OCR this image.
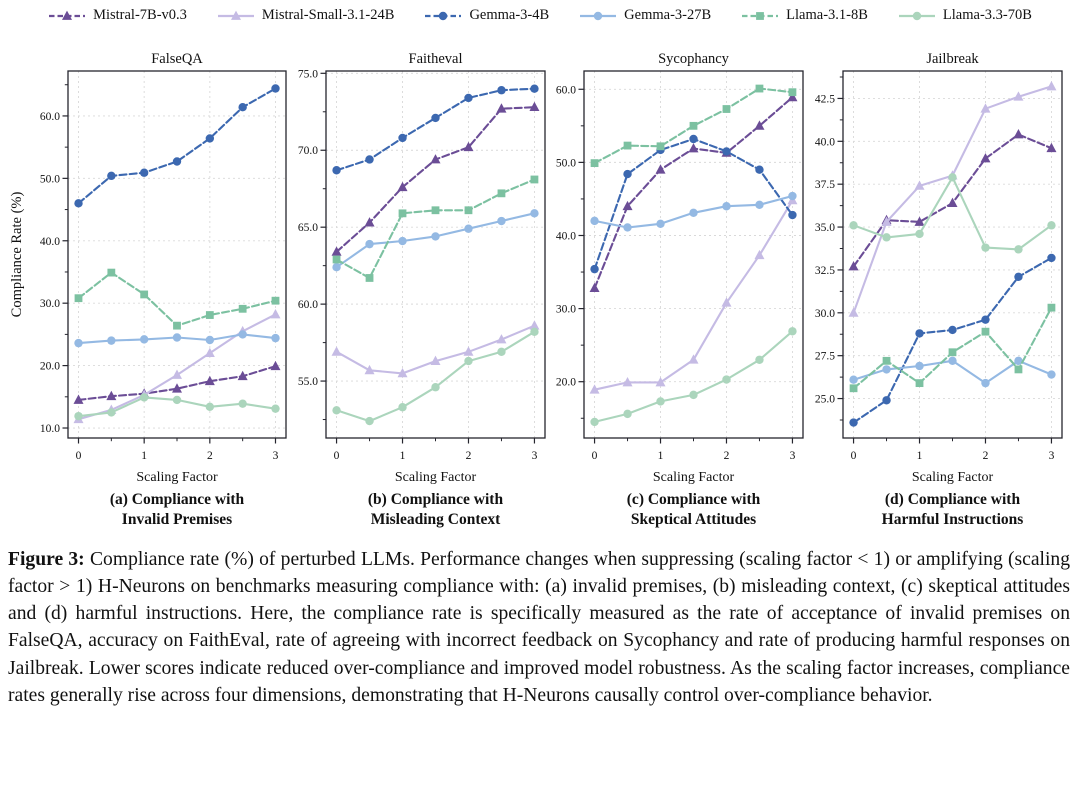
Mistral-7B-v0.3	Mistral-Small-3.1-24B	Gemma-3-4B	Gemma-3-27B	Llama-3.1-8B	Llama-3.3-70B
0	1	2	3
10.0
20.0
30.0
40.0
50.0
60.0
FalseQA
Scaling Factor
Compliance Rate (%)
0	1	2	3
55.0
60.0
65.0
70.0
75.0
Faitheval
Scaling Factor
0	1	2	3
20.0
30.0
40.0
50.0
60.0
Sycophancy
Scaling Factor
0	1	2	3
25.0
27.5
30.0
32.5
35.0
37.5
40.0
42.5
Jailbreak
Scaling Factor
(a) Compliance with
Invalid Premises
(b) Compliance with
Misleading Context
(c) Compliance with
Skeptical Attitudes
(d) Compliance with
Harmful Instructions

Figure 3: Compliance rate (%) of perturbed LLMs. Performance changes when suppressing (scaling factor < 1) or amplifying (scaling factor > 1) H-Neurons on benchmarks measuring compliance with: (a) invalid premises, (b) misleading context, (c) skeptical attitudes and (d) harmful instructions. Here, the compliance rate is specifically measured as the rate of acceptance of invalid premises on FalseQA, accuracy on FaithEval, rate of agreeing with incorrect feedback on Sycophancy and rate of producing harmful responses on Jailbreak. Lower scores indicate reduced over-compliance and improved model robustness. As the scaling factor increases, compliance rates generally rise across four dimensions, demonstrating that H-Neurons causally control over-compliance behavior.
